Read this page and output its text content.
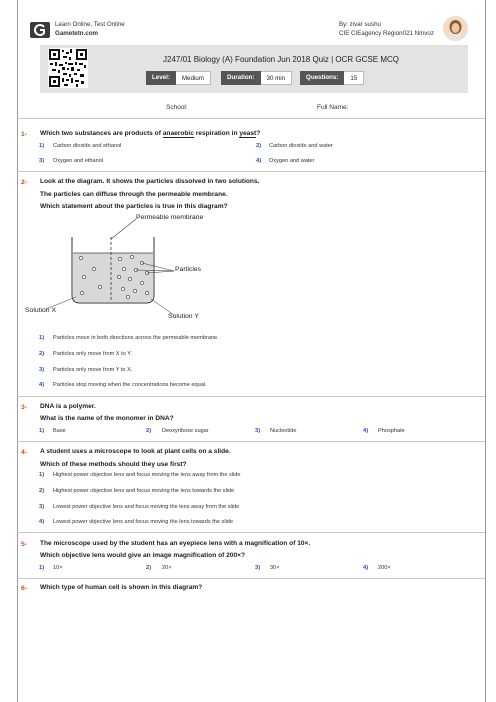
Learn Online, Test Online
Gametetn.com
By: zivar sushu
CIE CIEagency Region021 Nmvoz
J247/01 Biology (A) Foundation Jun 2018 Quiz | OCR GCSE MCQ
Level:	Medium	Duration:	30 min	Questions:	15
School:	Full Name:
1- Which two substances are products of anaerobic respiration in yeast?
1) Carbon dioxide and ethanol	2) Carbon dioxide and water
3) Oxygen and ethanol	4) Oxygen and water
2- Look at the diagram. It shows the particles dissolved in two solutions.
The particles can diffuse through the permeable membrane.
Which statement about the particles is true in this diagram?
Permeable membrane
Particles
Solution X
Solution Y
1) Particles move in both directions across the permeable membrane.
2) Particles only move from X to Y.
3) Particles only move from Y to X.
4) Particles stop moving when the concentrations become equal.
3- DNA is a polymer.
What is the name of the monomer in DNA?
1) Base	2) Deoxyribose sugar	3) Nucleotide	4) Phosphate
4- A student uses a microscope to look at plant cells on a slide.
Which of these methods should they use first?
1) Highest power objective lens and focus moving the lens away from the slide
2) Highest power objective lens and focus moving the lens towards the slide
3) Lowest power objective lens and focus moving the lens away from the slide
4) Lowest power objective lens and focus moving the lens towards the slide
5- The microscope used by the student has an eyepiece lens with a magnification of 10×.
Which objective lens would give an image magnification of 200×?
1) 10×	2) 20×	3) 30×	4) 200×
6- Which type of human cell is shown in this diagram?
